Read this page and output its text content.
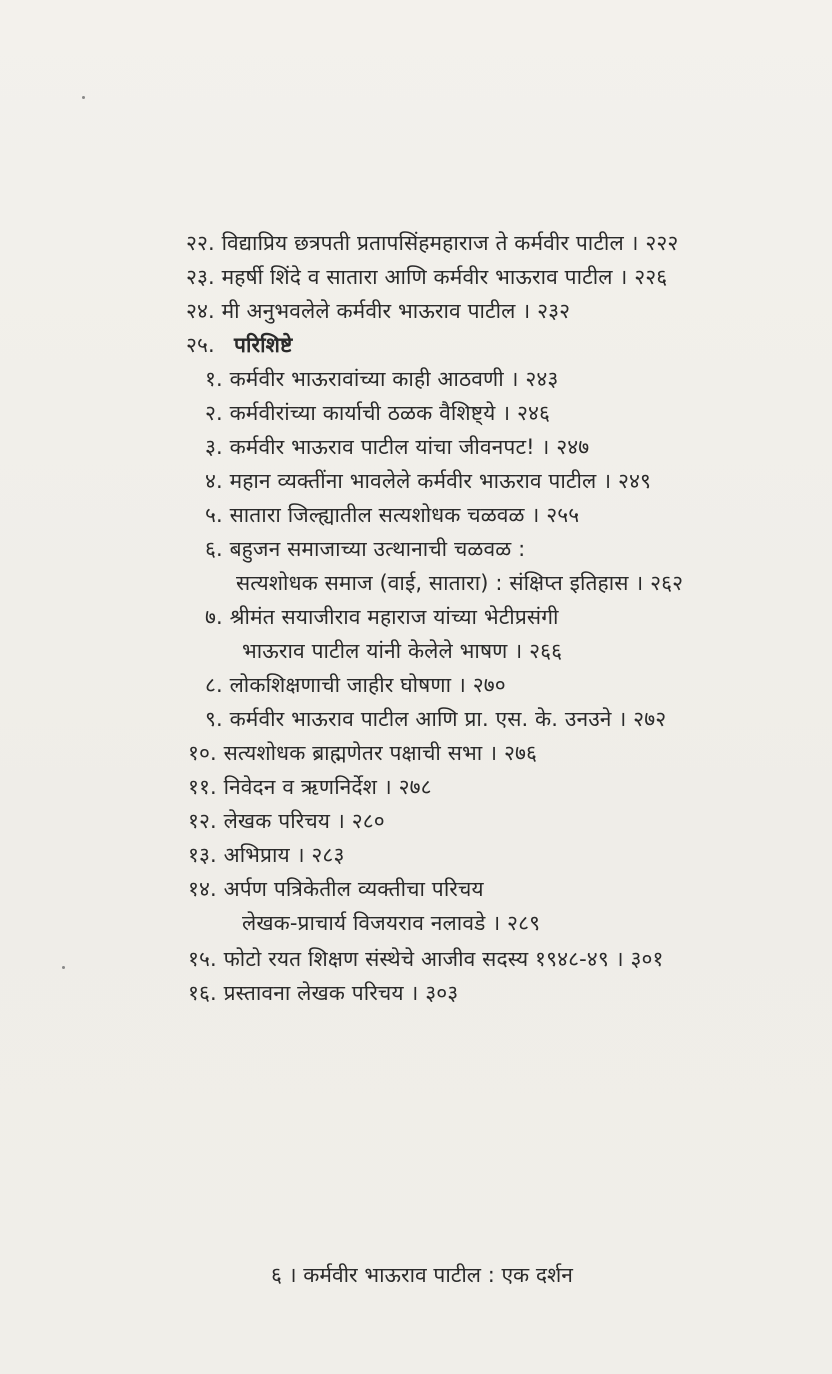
२२. विद्याप्रिय छत्रपती प्रतापसिंहमहाराज ते कर्मवीर पाटील । २२२
२३. महर्षी शिंदे व सातारा आणि कर्मवीर भाऊराव पाटील । २२६
२४. मी अनुभवलेले कर्मवीर भाऊराव पाटील । २३२
२५. परिशिष्टे
१. कर्मवीर भाऊरावांच्या काही आठवणी । २४३
२. कर्मवीरांच्या कार्याची ठळक वैशिष्ट्ये । २४६
३. कर्मवीर भाऊराव पाटील यांचा जीवनपट! । २४७
४. महान व्यक्तींना भावलेले कर्मवीर भाऊराव पाटील । २४९
५. सातारा जिल्ह्यातील सत्यशोधक चळवळ । २५५
६. बहुजन समाजाच्या उत्थानाची चळवळ :
सत्यशोधक समाज (वाई, सातारा) : संक्षिप्त इतिहास । २६२
७. श्रीमंत सयाजीराव महाराज यांच्या भेटीप्रसंगी
भाऊराव पाटील यांनी केलेले भाषण । २६६
८. लोकशिक्षणाची जाहीर घोषणा । २७०
९. कर्मवीर भाऊराव पाटील आणि प्रा. एस. के. उनउने । २७२
१०. सत्यशोधक ब्राह्मणेतर पक्षाची सभा । २७६
११. निवेदन व ऋणनिर्देश । २७८
१२. लेखक परिचय । २८०
१३. अभिप्राय । २८३
१४. अर्पण पत्रिकेतील व्यक्तीचा परिचय
लेखक-प्राचार्य विजयराव नलावडे । २८९
१५. फोटो रयत शिक्षण संस्थेचे आजीव सदस्य १९४८-४९ । ३०१
१६. प्रस्तावना लेखक परिचय । ३०३
६ । कर्मवीर भाऊराव पाटील : एक दर्शन
